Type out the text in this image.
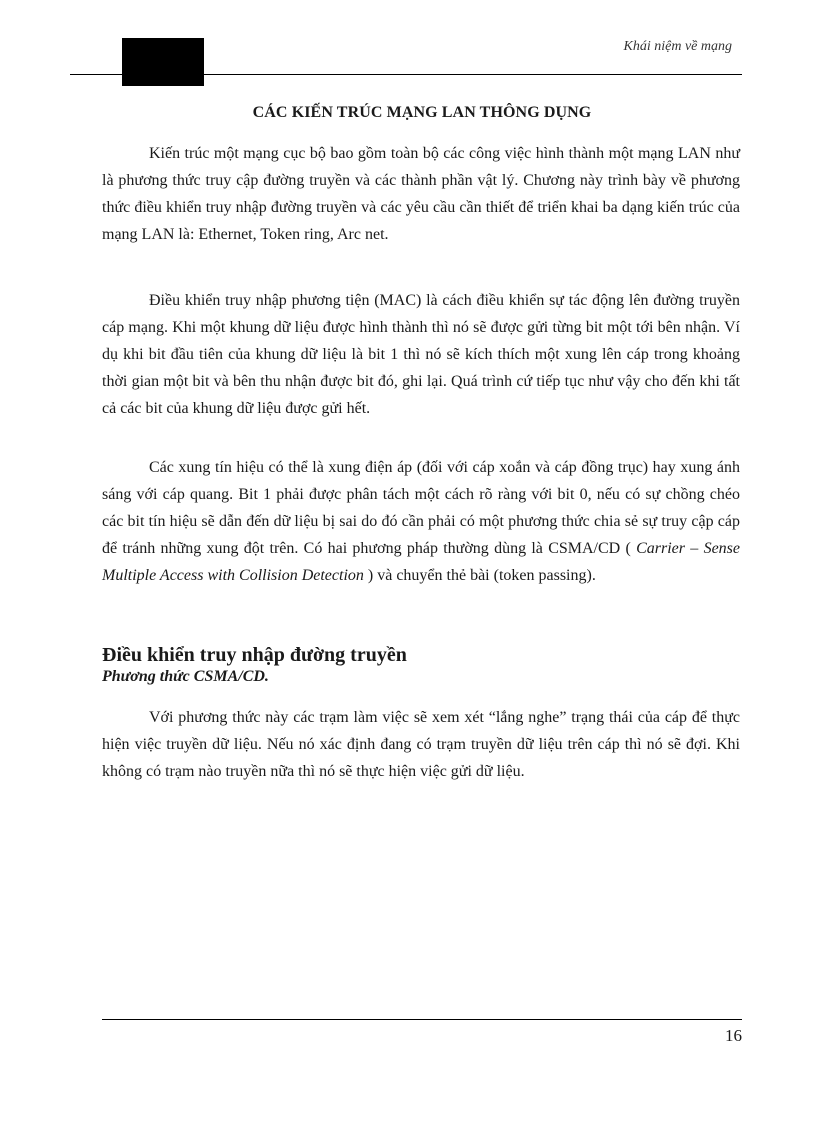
Khái niệm về mạng
CÁC KIẾN TRÚC MẠNG LAN THÔNG DỤNG

Kiến trúc một mạng cục bộ bao gồm toàn bộ các công việc hình thành một mạng LAN như là phương thức truy cập đường truyền và các thành phần vật lý. Chương này trình bày về phương thức điều khiển truy nhập đường truyền và các yêu cầu cần thiết để triển khai ba dạng kiến trúc của mạng LAN là: Ethernet, Token ring, Arc net.

Điều khiển truy nhập phương tiện (MAC) là cách điều khiển sự tác động lên đường truyền cáp mạng. Khi một khung dữ liệu được hình thành thì nó sẽ được gửi từng bit một tới bên nhận. Ví dụ khi bit đầu tiên của khung dữ liệu là bit 1 thì nó sẽ kích thích một xung lên cáp trong khoảng thời gian một bit và bên thu nhận được bit đó, ghi lại. Quá trình cứ tiếp tục như vậy cho đến khi tất cả các bit của khung dữ liệu được gửi hết.

Các xung tín hiệu có thể là xung điện áp (đối với cáp xoắn và cáp đồng trục) hay xung ánh sáng với cáp quang. Bit 1 phải được phân tách một cách rõ ràng với bit 0, nếu có sự chồng chéo các bit tín hiệu sẽ dẫn đến dữ liệu bị sai do đó cần phải có một phương thức chia sẻ sự truy cập cáp để tránh những xung đột trên. Có hai phương pháp thường dùng là CSMA/CD ( Carrier – Sense Multiple Access with Collision Detection ) và chuyển thẻ bài (token passing).

Điều khiển truy nhập đường truyền
Phương thức CSMA/CD.

Với phương thức này các trạm làm việc sẽ xem xét “lắng nghe” trạng thái của cáp để thực hiện việc truyền dữ liệu. Nếu nó xác định đang có trạm truyền dữ liệu trên cáp thì nó sẽ đợi. Khi không có trạm nào truyền nữa thì nó sẽ thực hiện việc gửi dữ liệu.

16
